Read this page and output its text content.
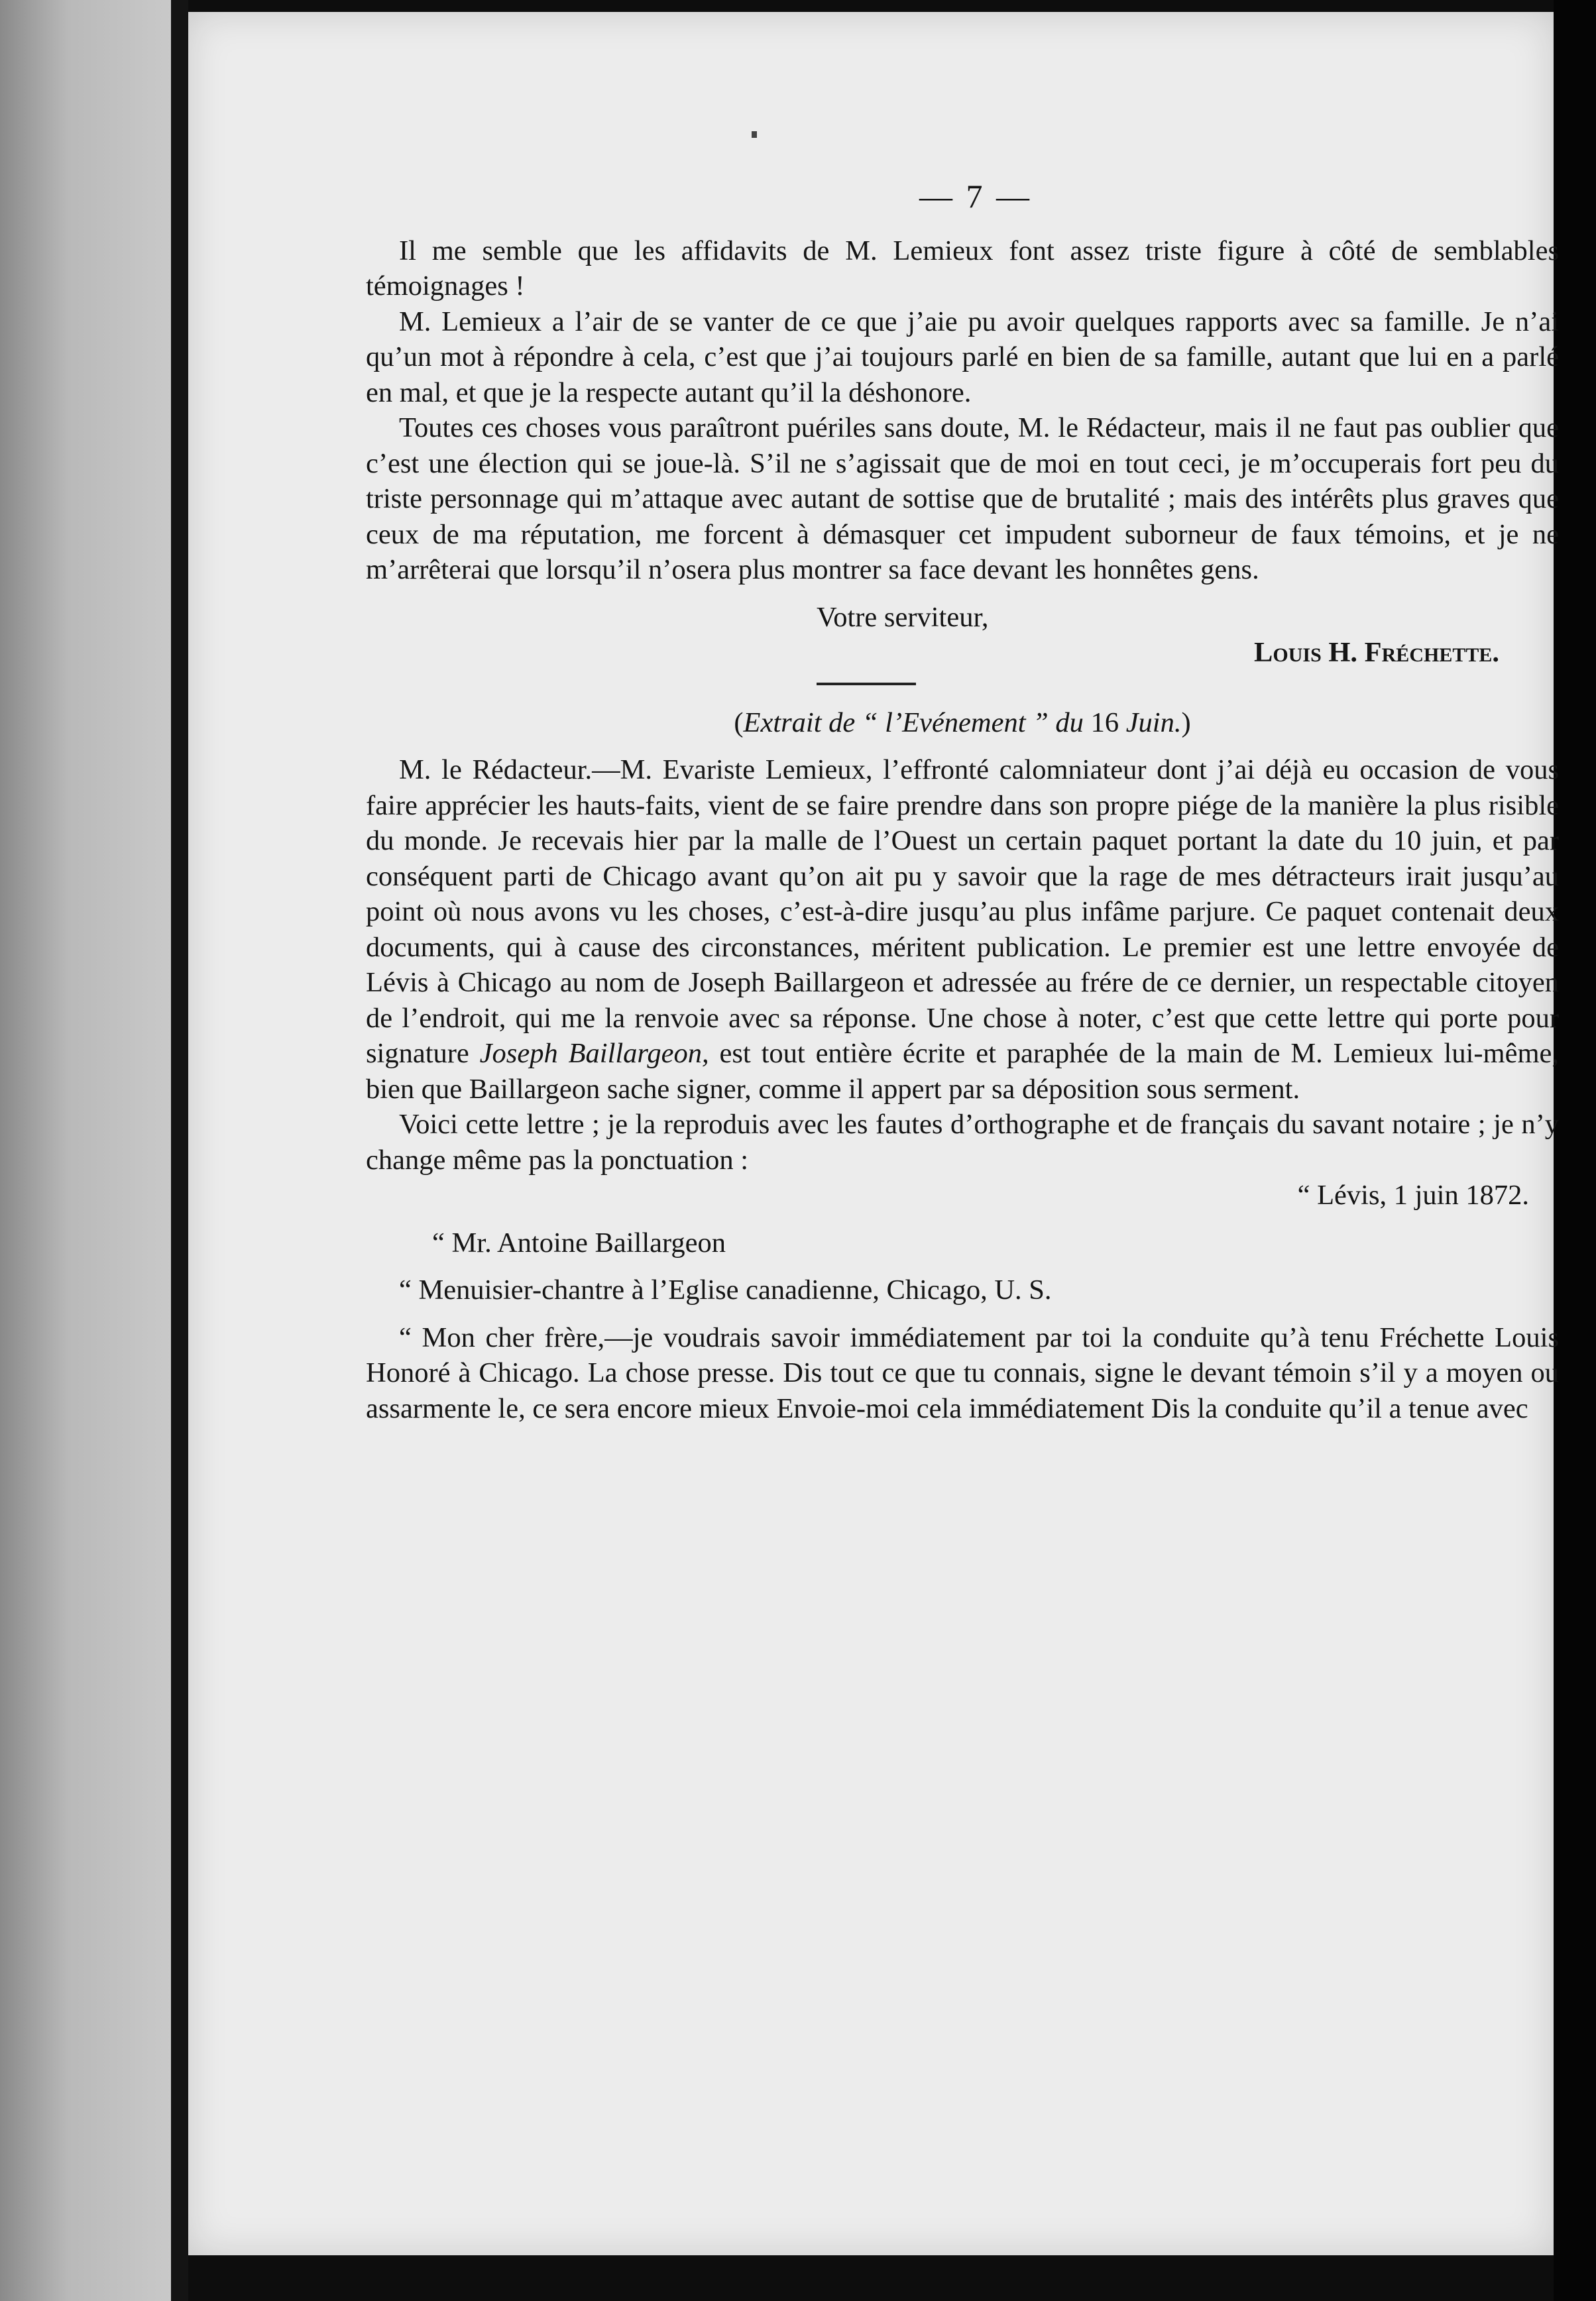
— 7 —

Il me semble que les affidavits de M. Lemieux font assez triste figure à côté de semblables témoignages !

M. Lemieux a l’air de se vanter de ce que j’aie pu avoir quelques rapports avec sa famille. Je n’ai qu’un mot à répondre à cela, c’est que j’ai toujours parlé en bien de sa famille, autant que lui en a parlé en mal, et que je la respecte autant qu’il la déshonore.

Toutes ces choses vous paraîtront puériles sans doute, M. le Rédacteur, mais il ne faut pas oublier que c’est une élection qui se joue-là. S’il ne s’agissait que de moi en tout ceci, je m’occuperais fort peu du triste personnage qui m’attaque avec autant de sottise que de brutalité ; mais des intérêts plus graves que ceux de ma réputation, me forcent à démasquer cet impudent suborneur de faux témoins, et je ne m’arrêterai que lorsqu’il n’osera plus montrer sa face devant les honnêtes gens.

Votre serviteur,

Louis H. Fréchette.

(Extrait de “ l’Evénement ” du 16 Juin.)

M. le Rédacteur.—M. Evariste Lemieux, l’effronté calomniateur dont j’ai déjà eu occasion de vous faire apprécier les hauts-faits, vient de se faire prendre dans son propre piége de la manière la plus risible du monde. Je recevais hier par la malle de l’Ouest un certain paquet portant la date du 10 juin, et par conséquent parti de Chicago avant qu’on ait pu y savoir que la rage de mes détracteurs irait jusqu’au point où nous avons vu les choses, c’est-à-dire jusqu’au plus infâme parjure. Ce paquet contenait deux documents, qui à cause des circonstances, méritent publication. Le premier est une lettre envoyée de Lévis à Chicago au nom de Joseph Baillargeon et adressée au frére de ce dernier, un respectable citoyen de l’endroit, qui me la renvoie avec sa réponse. Une chose à noter, c’est que cette lettre qui porte pour signature Joseph Baillargeon, est tout entière écrite et paraphée de la main de M. Lemieux lui-même, bien que Baillargeon sache signer, comme il appert par sa déposition sous serment.

Voici cette lettre ; je la reproduis avec les fautes d’orthographe et de français du savant notaire ; je n’y change même pas la ponctuation :

“ Lévis, 1 juin 1872.

“ Mr. Antoine Baillargeon

“ Menuisier-chantre à l’Eglise canadienne, Chicago, U. S.

“ Mon cher frère,—je voudrais savoir immédiatement par toi la conduite qu’à tenu Fréchette Louis Honoré à Chicago. La chose presse. Dis tout ce que tu connais, signe le devant témoin s’il y a moyen ou assarmente le, ce sera encore mieux Envoie-moi cela immédiatement Dis la conduite qu’il a tenue avec
